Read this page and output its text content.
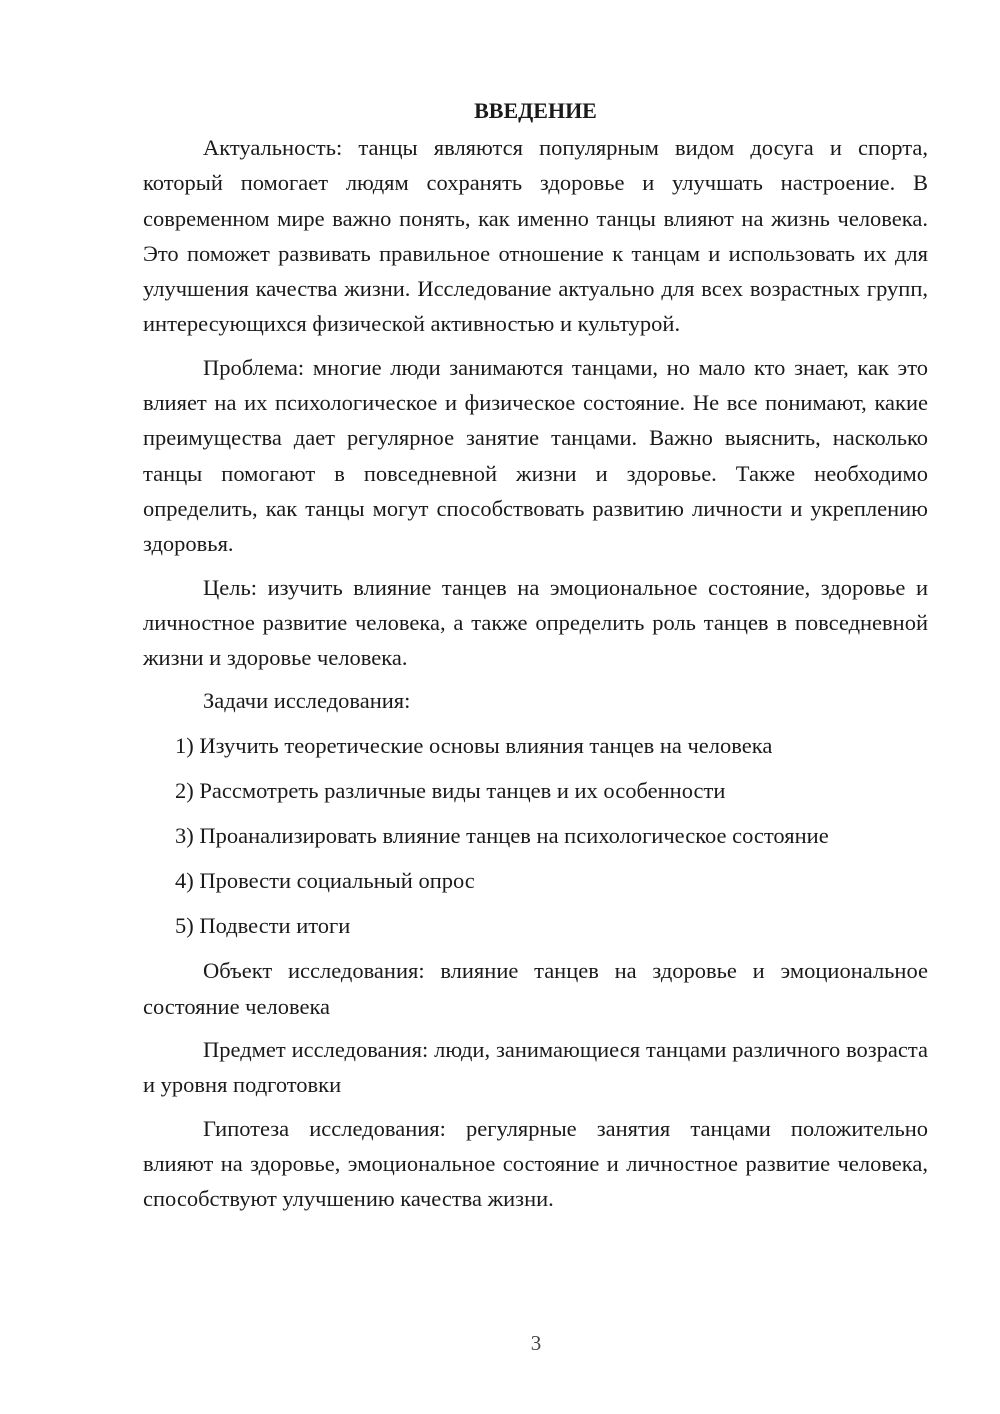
ВВЕДЕНИЕ

Актуальность: танцы являются популярным видом досуга и спорта, который помогает людям сохранять здоровье и улучшать настроение. В современном мире важно понять, как именно танцы влияют на жизнь человека. Это поможет развивать правильное отношение к танцам и использовать их для улучшения качества жизни. Исследование актуально для всех возрастных групп, интересующихся физической активностью и культурой.

Проблема: многие люди занимаются танцами, но мало кто знает, как это влияет на их психологическое и физическое состояние. Не все понимают, какие преимущества дает регулярное занятие танцами. Важно выяснить, насколько танцы помогают в повседневной жизни и здоровье. Также необходимо определить, как танцы могут способствовать развитию личности и укреплению здоровья.

Цель: изучить влияние танцев на эмоциональное состояние, здоровье и личностное развитие человека, а также определить роль танцев в повседневной жизни и здоровье человека.

Задачи исследования:

1) Изучить теоретические основы влияния танцев на человека
2) Рассмотреть различные виды танцев и их особенности
3) Проанализировать влияние танцев на психологическое состояние
4) Провести социальный опрос
5) Подвести итоги

Объект исследования: влияние танцев на здоровье и эмоциональное состояние человека

Предмет исследования: люди, занимающиеся танцами различного возраста и уровня подготовки

Гипотеза исследования: регулярные занятия танцами положительно влияют на здоровье, эмоциональное состояние и личностное развитие человека, способствуют улучшению качества жизни.

3
